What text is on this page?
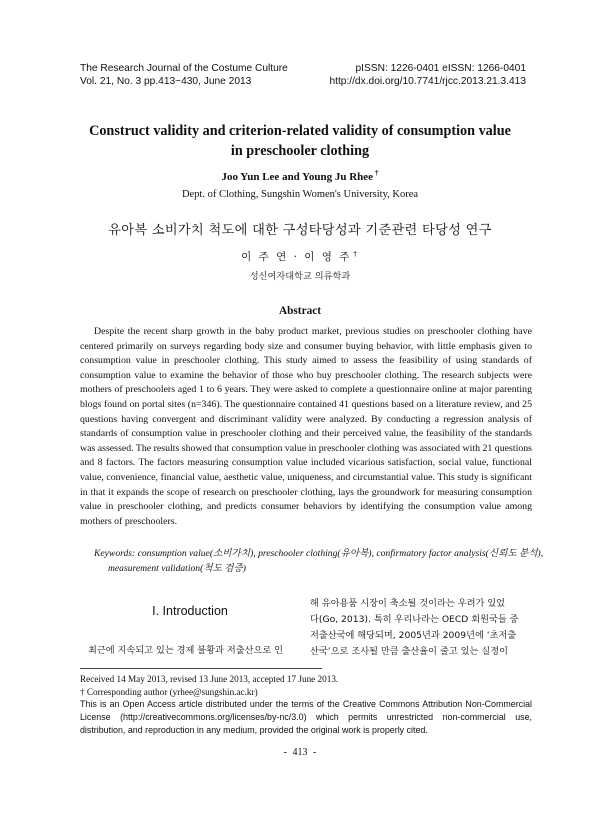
The Research Journal of the Costume Culture
Vol. 21, No. 3 pp.413~430, June 2013
pISSN: 1226-0401 eISSN: 1266-0401
http://dx.doi.org/10.7741/rjcc.2013.21.3.413
Construct validity and criterion-related validity of consumption value
in preschooler clothing
Joo Yun Lee and Young Ju Rhee †
Dept. of Clothing, Sungshin Women's University, Korea
유아복 소비가치 척도에 대한 구성타당성과 기준관련 타당성 연구
이 주 연 · 이 영 주 †
성신여자대학교 의류학과
Abstract

Despite the recent sharp growth in the baby product market, previous studies on preschooler clothing have centered primarily on surveys regarding body size and consumer buying behavior, with little emphasis given to consumption value in preschooler clothing. This study aimed to assess the feasibility of using standards of consumption value to examine the behavior of those who buy preschooler clothing. The research subjects were mothers of preschoolers aged 1 to 6 years. They were asked to complete a questionnaire online at major parenting blogs found on portal sites (n=346). The questionnaire contained 41 questions based on a literature review, and 25 questions having convergent and discriminant validity were analyzed. By conducting a regression analysis of standards of consumption value in preschooler clothing and their perceived value, the feasibility of the standards was assessed. The results showed that consumption value in preschooler clothing was associated with 21 questions and 8 factors. The factors measuring consumption value included vicarious satisfaction, social value, functional value, convenience, financial value, aesthetic value, uniqueness, and circumstantial value. This study is significant in that it expands the scope of research on preschooler clothing, lays the groundwork for measuring consumption value in preschooler clothing, and predicts consumer behaviors by identifying the consumption value among mothers of preschoolers.

Keywords: consumption value(소비가치), preschooler clothing(유아복), confirmatory factor analysis(신뢰도 분석), measurement validation(척도 검증)
I. Introduction
최근에 지속되고 있는 경제 불황과 저출산으로 인
해 유아용품 시장이 축소될 것이라는 우려가 있었
다(Go, 2013). 특히 우리나라는 OECD 회원국들 중
저출산국에 해당되며, 2005년과 2009년에 ‘초저출
산국’으로 조사될 만큼 출산율이 줄고 있는 실정이
Received 14 May 2013, revised 13 June 2013, accepted 17 June 2013.
† Corresponding author (yrhee@sungshin.ac.kr)
This is an Open Access article distributed under the terms of the Creative Commons Attribution Non-Commercial License (http://creativecommons.org/licenses/by-nc/3.0) which permits unrestricted non-commercial use, distribution, and reproduction in any medium, provided the original work is properly cited.
- 413 -
